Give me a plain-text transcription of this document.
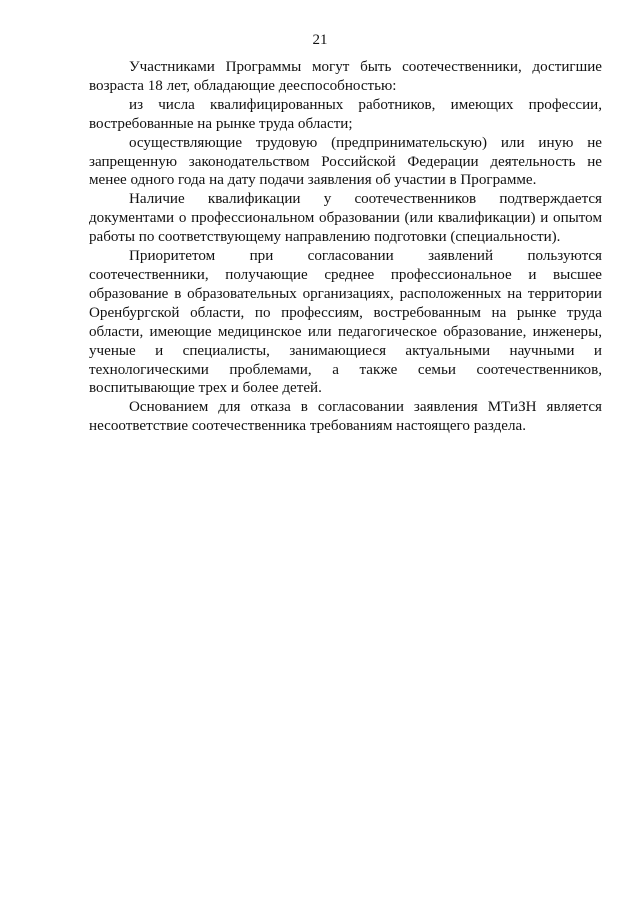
21

Участниками Программы могут быть соотечественники, достигшие возраста 18 лет, обладающие дееспособностью:

из числа квалифицированных работников, имеющих профессии, востребованные на рынке труда области;

осуществляющие трудовую (предпринимательскую) или иную не запрещенную законодательством Российской Федерации деятельность не менее одного года на дату подачи заявления об участии в Программе.

Наличие квалификации у соотечественников подтверждается документами о профессиональном образовании (или квалификации) и опытом работы по соответствующему направлению подготовки (специальности).

Приоритетом при согласовании заявлений пользуются соотечественники, получающие среднее профессиональное и высшее образование в образовательных организациях, расположенных на территории Оренбургской области, по профессиям, востребованным на рынке труда области, имеющие медицинское или педагогическое образование, инженеры, ученые и специалисты, занимающиеся актуальными научными и технологическими проблемами, а также семьи соотечественников, воспитывающие трех и более детей.

Основанием для отказа в согласовании заявления МТиЗН является несоответствие соотечественника требованиям настоящего раздела.
